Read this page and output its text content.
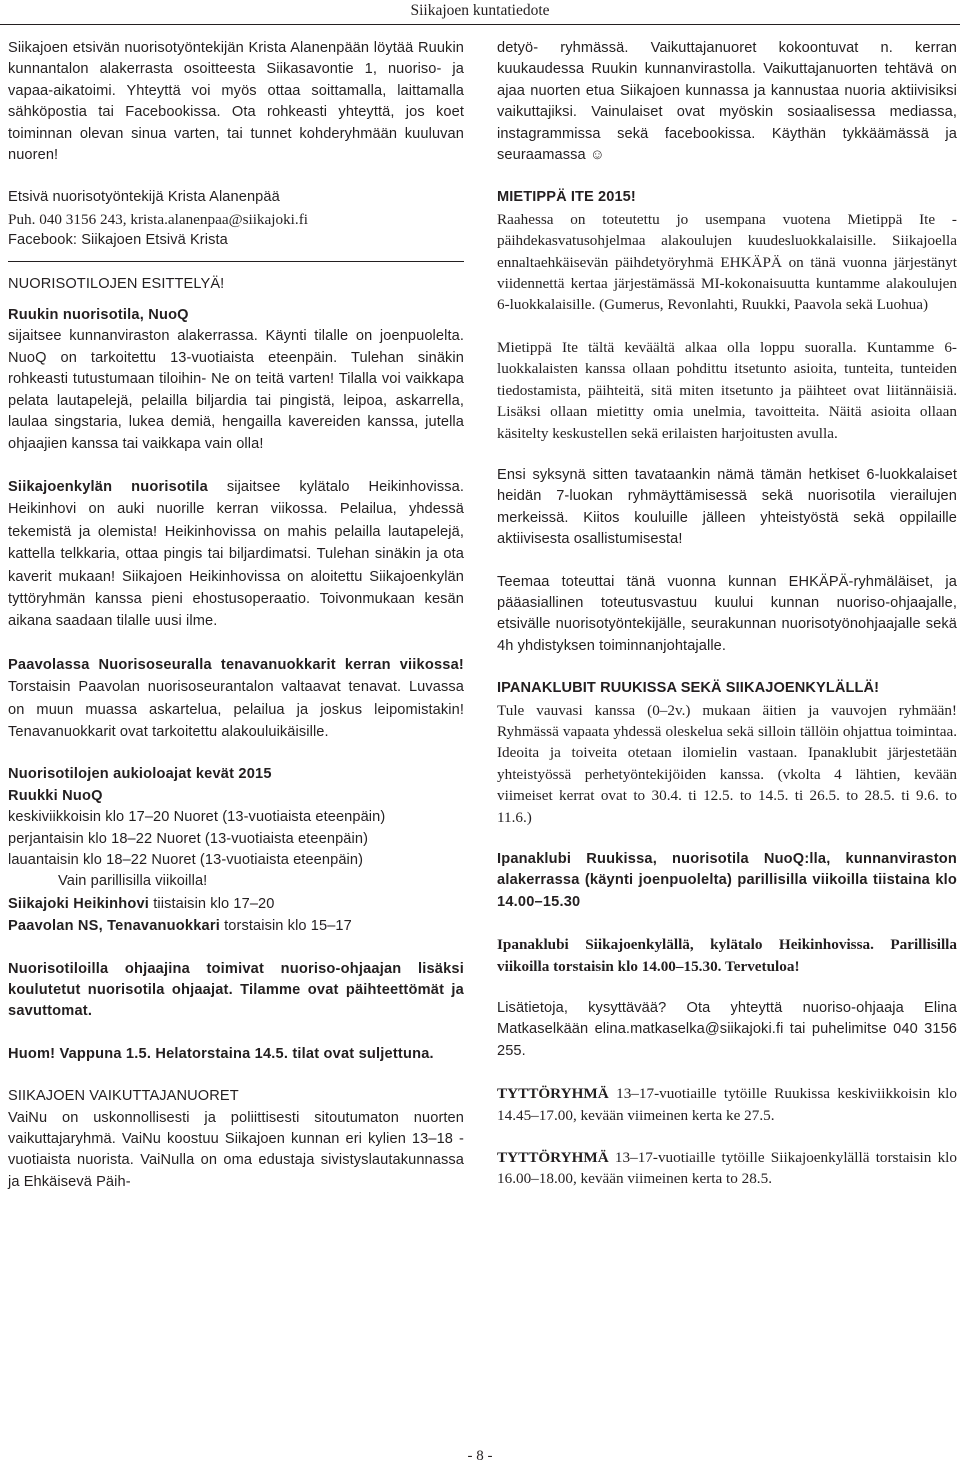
Siikajoen kuntatiedote

Siikajoen etsivän nuorisotyöntekijän Krista Alanenpään löytää Ruukin kunnantalon alakerrasta osoitteesta Siikasavontie 1, nuoriso- ja vapaa-aikatoimi. Yhteyttä voi myös ottaa soittamalla, laittamalla sähköpostia tai Facebookissa. Ota rohkeasti yhteyttä, jos koet toiminnan olevan sinua varten, tai tunnet kohderyhmään kuuluvan nuoren!

Etsivä nuorisotyöntekijä Krista Alanenpää

Puh. 040 3156 243, krista.alanenpaa@siikajoki.fi

Facebook: Siikajoen Etsivä Krista

NUORISOTILOJEN ESITTELYÄ!

Ruukin nuorisotila, NuoQ

sijaitsee kunnanviraston alakerrassa. Käynti tilalle on joenpuolelta. NuoQ on tarkoitettu 13-vuotiaista eteenpäin. Tulehan sinäkin rohkeasti tutustumaan tiloihin- Ne on teitä varten! Tilalla voi vaikkapa pelata lautapelejä, pelailla biljardia tai pingistä, leipoa, askarrella, laulaa singstaria, lukea demiä, hengailla kavereiden kanssa, jutella ohjaajien kanssa tai vaikkapa vain olla!

Siikajoenkylän nuorisotila sijaitsee kylätalo Heikinhovissa. Heikinhovi on auki nuorille kerran viikossa. Pelailua, yhdessä tekemistä ja olemista! Heikinhovissa on mahis pelailla lautapelejä, kattella telkkaria, ottaa pingis tai biljardimatsi. Tulehan sinäkin ja ota kaverit mukaan! Siikajoen Heikinhovissa on aloitettu Siikajoenkylän tyttöryhmän kanssa pieni ehostusoperaatio. Toivonmukaan kesän aikana saadaan tilalle uusi ilme.

Paavolassa Nuorisoseuralla tenavanuokkarit kerran viikossa! Torstaisin Paavolan nuorisoseurantalon valtaavat tenavat. Luvassa on muun muassa askartelua, pelailua ja joskus leipomistakin! Tenavanuokkarit ovat tarkoitettu alakouluikäisille.

Nuorisotilojen aukioloajat kevät 2015

Ruukki NuoQ

keskiviikkoisin klo 17–20 Nuoret (13-vuotiaista eteenpäin)

perjantaisin klo 18–22 Nuoret (13-vuotiaista eteenpäin)

lauantaisin klo 18–22 Nuoret (13-vuotiaista eteenpäin)

Vain parillisilla viikoilla!

Siikajoki Heikinhovi tiistaisin klo 17–20

Paavolan NS, Tenavanuokkari torstaisin klo 15–17

Nuorisotiloilla ohjaajina toimivat nuoriso-ohjaajan lisäksi koulutetut nuorisotila ohjaajat. Tilamme ovat päihteettömät ja savuttomat.

Huom! Vappuna 1.5. Helatorstaina 14.5. tilat ovat suljettuna.

SIIKAJOEN VAIKUTTAJANUORET

VaiNu on uskonnollisesti ja poliittisesti sitoutumaton nuorten vaikuttajaryhmä. VaiNu koostuu Siikajoen kunnan eri kylien 13–18 -vuotiaista nuorista. VaiNulla on oma edustaja sivistyslautakunnassa ja Ehkäisevä Päih-

detyö- ryhmässä. Vaikuttajanuoret kokoontuvat n. kerran kuukaudessa Ruukin kunnanvirastolla. Vaikuttajanuorten tehtävä on ajaa nuorten etua Siikajoen kunnassa ja kannustaa nuoria aktiivisiksi vaikuttajiksi. Vainulaiset ovat myöskin sosiaalisessa mediassa, instagrammissa sekä facebookissa. Käythän tykkäämässä ja seuraamassa ☺

MIETIPPÄ ITE 2015!

Raahessa on toteutettu jo usempana vuotena Mietippä Ite -päihdekasvatusohjelmaa alakoulujen kuudesluokkalaisille. Siikajoella ennaltaehkäisevän päihdetyöryhmä EHKÄPÄ on tänä vuonna järjestänyt viidennettä kertaa järjestämässä MI-kokonaisuutta kuntamme alakoulujen 6-luokkalaisille. (Gumerus, Revonlahti, Ruukki, Paavola sekä Luohua)

Mietippä Ite tältä keväältä alkaa olla loppu suoralla. Kuntamme 6-luokkalaisten kanssa ollaan pohdittu itsetunto asioita, tunteita, tunteiden tiedostamista, päihteitä, sitä miten itsetunto ja päihteet ovat liitännäisiä. Lisäksi ollaan mietitty omia unelmia, tavoitteita. Näitä asioita ollaan käsitelty keskustellen sekä erilaisten harjoitusten avulla.

Ensi syksynä sitten tavataankin nämä tämän hetkiset 6-luokkalaiset heidän 7-luokan ryhmäyttämisessä sekä nuorisotila vierailujen merkeissä. Kiitos kouluille jälleen yhteistyöstä sekä oppilaille aktiivisesta osallistumisesta!

Teemaa toteuttai tänä vuonna kunnan EHKÄPÄ-ryhmäläiset, ja pääasiallinen toteutusvastuu kuului kunnan nuoriso-ohjaajalle, etsivälle nuorisotyöntekijälle, seurakunnan nuorisotyönohjaajalle sekä 4h yhdistyksen toiminnanjohtajalle.

IPANAKLUBIT RUUKISSA SEKÄ SIIKAJOENKYLÄLLÄ!

Tule vauvasi kanssa (0–2v.) mukaan äitien ja vauvojen ryhmään! Ryhmässä vapaata yhdessä oleskelua sekä silloin tällöin ohjattua toimintaa. Ideoita ja toiveita otetaan ilomielin vastaan. Ipanaklubit järjestetään yhteistyössä perhetyöntekijöiden kanssa. (vkolta 4 lähtien, kevään viimeiset kerrat ovat to 30.4. ti 12.5. to 14.5. ti 26.5. to 28.5. ti 9.6. to 11.6.)

Ipanaklubi Ruukissa, nuorisotila NuoQ:lla, kunnanviraston alakerrassa (käynti joenpuolelta) parillisilla viikoilla tiistaina klo 14.00–15.30

Ipanaklubi Siikajoenkylällä, kylätalo Heikinhovissa. Parillisilla viikoilla torstaisin klo 14.00–15.30. Tervetuloa!

Lisätietoja, kysyttävää? Ota yhteyttä nuoriso-ohjaaja Elina Matkaselkään elina.matkaselka@siikajoki.fi tai puhelimitse 040 3156 255.

TYTTÖRYHMÄ 13–17-vuotiaille tytöille Ruukissa keskiviikkoisin klo 14.45–17.00, kevään viimeinen kerta ke 27.5.

TYTTÖRYHMÄ 13–17-vuotiaille tytöille Siikajoenkylällä torstaisin klo 16.00–18.00, kevään viimeinen kerta to 28.5.

- 8 -
